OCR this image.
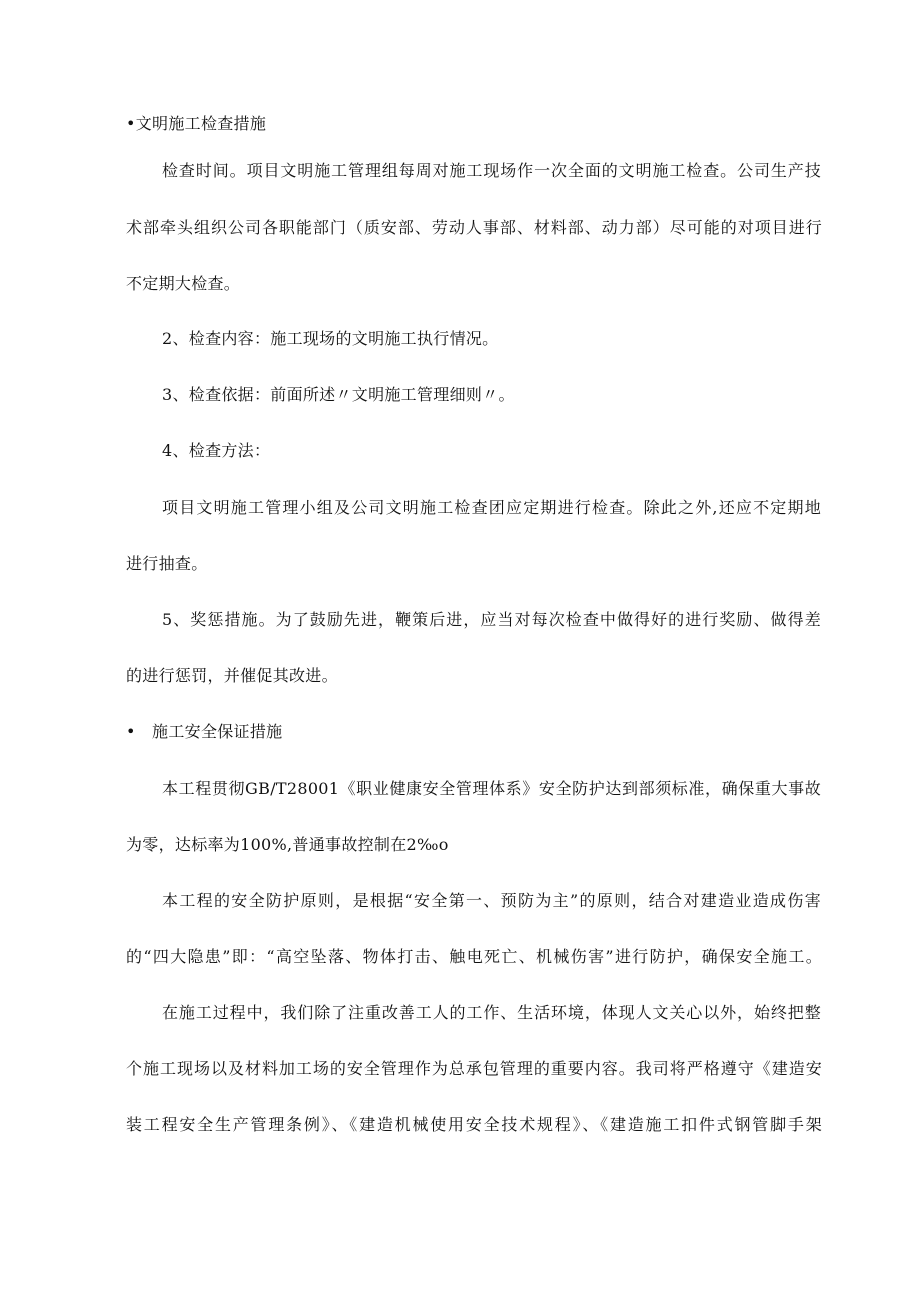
•文明施工检查措施
检查时间。项目文明施工管理组每周对施工现场作一次全面的文明施工检查。公司生产技
术部牵头组织公司各职能部门（质安部、劳动人事部、材料部、动力部）尽可能的对项目进行
不定期大检查。
2、检查内容：施工现场的文明施工执行情况。
3、检查依据：前面所述〃文明施工管理细则〃。
4、检查方法：
项目文明施工管理小组及公司文明施工检查团应定期进行检查。除此之外,还应不定期地
进行抽查。
5、奖惩措施。为了鼓励先进，鞭策后进，应当对每次检查中做得好的进行奖励、做得差
的进行惩罚，并催促其改进。
•　施工安全保证措施
本工程贯彻GB/T28001《职业健康安全管理体系》安全防护达到部须标准，确保重大事故
为零，达标率为100%,普通事故控制在2‰o
本工程的安全防护原则，是根据“安全第一、预防为主”的原则，结合对建造业造成伤害
的“四大隐患”即：“高空坠落、物体打击、触电死亡、机械伤害”进行防护，确保安全施工。
在施工过程中，我们除了注重改善工人的工作、生活环境，体现人文关心以外，始终把整
个施工现场以及材料加工场的安全管理作为总承包管理的重要内容。我司将严格遵守《建造安
装工程安全生产管理条例》、《建造机械使用安全技术规程》、《建造施工扣件式钢管脚手架
